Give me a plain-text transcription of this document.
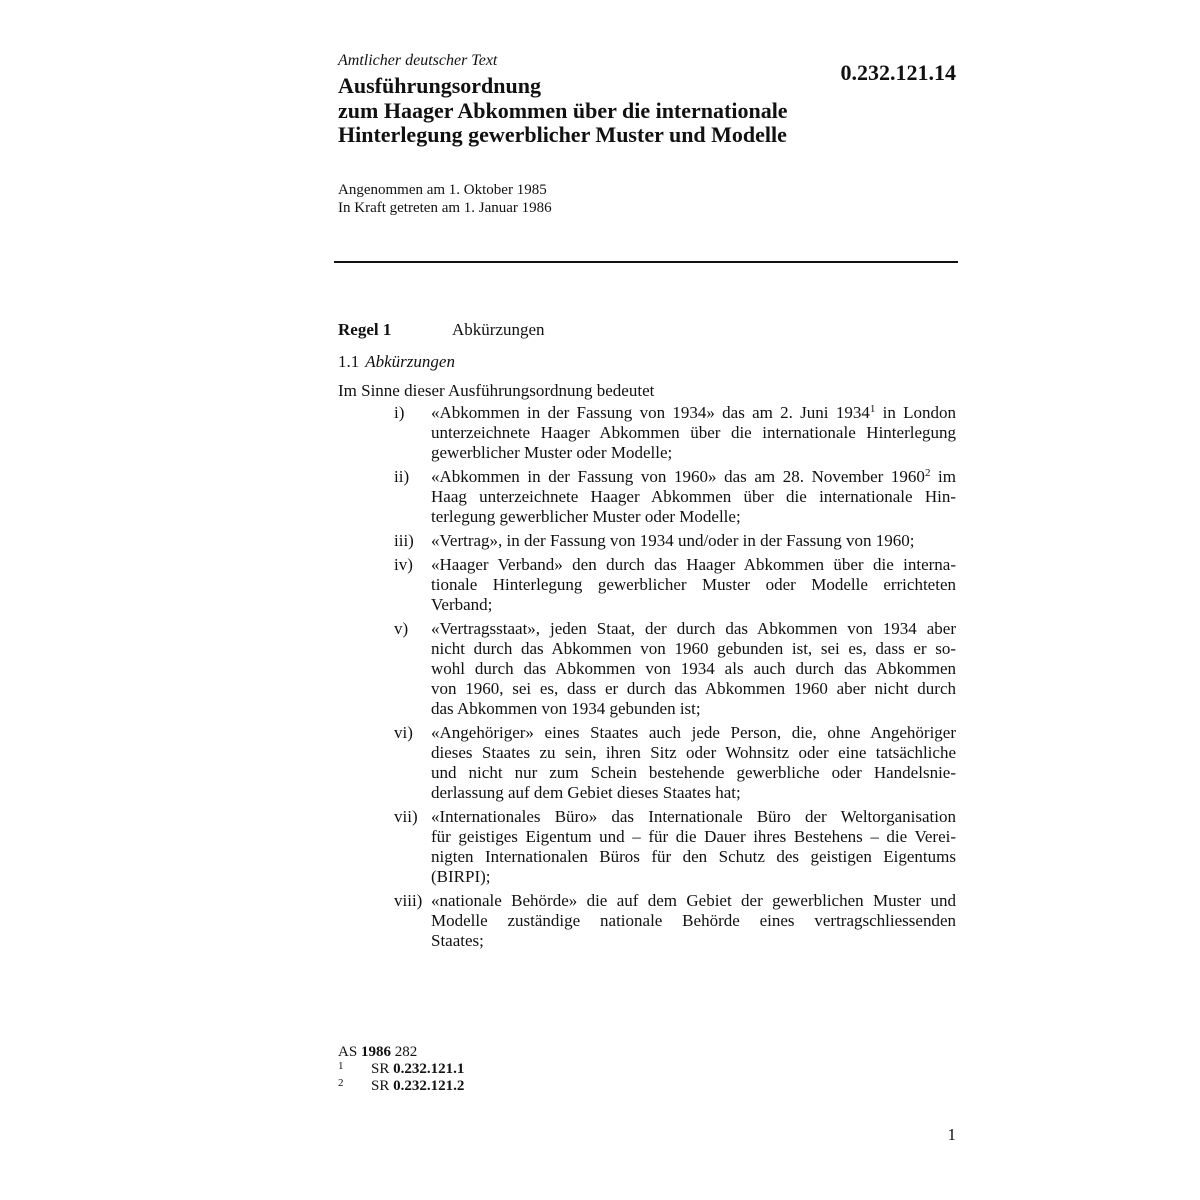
Amtlicher deutscher Text	0.232.121.14
Ausführungsordnung
zum Haager Abkommen über die internationale
Hinterlegung gewerblicher Muster und Modelle
Angenommen am 1. Oktober 1985
In Kraft getreten am 1. Januar 1986
Regel 1	Abkürzungen
1.1 Abkürzungen
Im Sinne dieser Ausführungsordnung bedeutet
i)	«Abkommen in der Fassung von 1934» das am 2. Juni 1934$^1$ in London
unterzeichnete Haager Abkommen über die internationale Hinterlegung
gewerblicher Muster oder Modelle;
ii)	«Abkommen in der Fassung von 1960» das am 28. November 1960$^2$ im
Haag unterzeichnete Haager Abkommen über die internationale Hin-
terlegung gewerblicher Muster oder Modelle;
iii)	«Vertrag», in der Fassung von 1934 und/oder in der Fassung von 1960;
iv)	«Haager Verband» den durch das Haager Abkommen über die interna-
tionale Hinterlegung gewerblicher Muster oder Modelle errichteten
Verband;
v)	«Vertragsstaat», jeden Staat, der durch das Abkommen von 1934 aber
nicht durch das Abkommen von 1960 gebunden ist, sei es, dass er so-
wohl durch das Abkommen von 1934 als auch durch das Abkommen
von 1960, sei es, dass er durch das Abkommen 1960 aber nicht durch
das Abkommen von 1934 gebunden ist;
vi)	«Angehöriger» eines Staates auch jede Person, die, ohne Angehöriger
dieses Staates zu sein, ihren Sitz oder Wohnsitz oder eine tatsächliche
und nicht nur zum Schein bestehende gewerbliche oder Handelsnie-
derlassung auf dem Gebiet dieses Staates hat;
vii) «Internationales Büro» das Internationale Büro der Weltorganisation
für geistiges Eigentum und – für die Dauer ihres Bestehens – die Verei-
nigten Internationalen Büros für den Schutz des geistigen Eigentums
(BIRPI);
viii) «nationale Behörde» die auf dem Gebiet der gewerblichen Muster und
Modelle zuständige nationale Behörde eines vertragschliessenden
Staates;
AS 1986 282
1 SR 0.232.121.1
2 SR 0.232.121.2
1
